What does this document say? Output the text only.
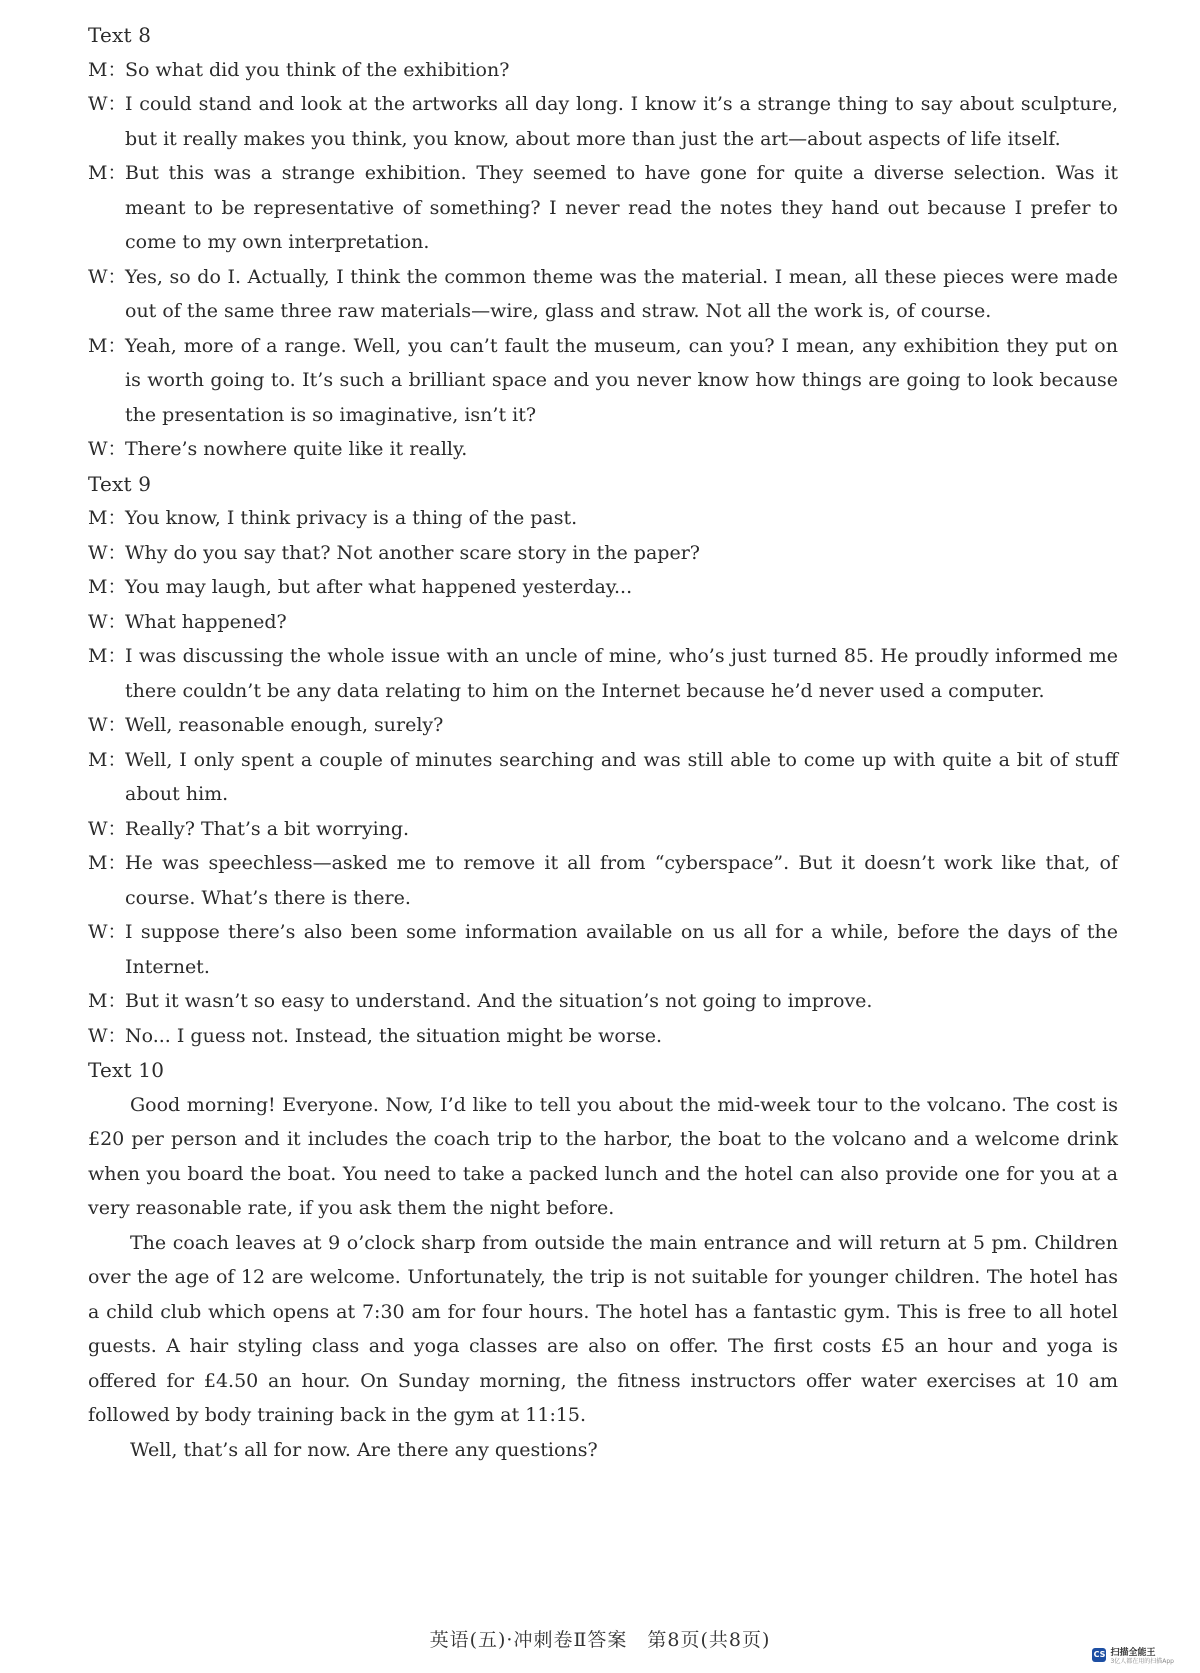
Text 8
M：So what did you think of the exhibition?
W：I could stand and look at the artworks all day long. I know it’s a strange thing to say about sculpture, but it really makes you think, you know, about more than just the art—about aspects of life itself.
M：But this was a strange exhibition. They seemed to have gone for quite a diverse selection. Was it meant to be representative of something? I never read the notes they hand out because I prefer to come to my own interpretation.
W：Yes, so do I. Actually, I think the common theme was the material. I mean, all these pieces were made out of the same three raw materials—wire, glass and straw. Not all the work is, of course.
M：Yeah, more of a range. Well, you can’t fault the museum, can you? I mean, any exhibition they put on is worth going to. It’s such a brilliant space and you never know how things are going to look because the presentation is so imaginative, isn’t it?
W：There’s nowhere quite like it really.
Text 9
M：You know, I think privacy is a thing of the past.
W：Why do you say that? Not another scare story in the paper?
M：You may laugh, but after what happened yesterday...
W：What happened?
M：I was discussing the whole issue with an uncle of mine, who’s just turned 85. He proudly informed me there couldn’t be any data relating to him on the Internet because he’d never used a computer.
W：Well, reasonable enough, surely?
M：Well, I only spent a couple of minutes searching and was still able to come up with quite a bit of stuff about him.
W：Really? That’s a bit worrying.
M：He was speechless—asked me to remove it all from “cyberspace”. But it doesn’t work like that, of course. What’s there is there.
W：I suppose there’s also been some information available on us all for a while, before the days of the Internet.
M：But it wasn’t so easy to understand. And the situation’s not going to improve.
W：No... I guess not. Instead, the situation might be worse.
Text 10
Good morning! Everyone. Now, I’d like to tell you about the mid-week tour to the volcano. The cost is £20 per person and it includes the coach trip to the harbor, the boat to the volcano and a welcome drink when you board the boat. You need to take a packed lunch and the hotel can also provide one for you at a very reasonable rate, if you ask them the night before.
The coach leaves at 9 o’clock sharp from outside the main entrance and will return at 5 pm. Children over the age of 12 are welcome. Unfortunately, the trip is not suitable for younger children. The hotel has a child club which opens at 7:30 am for four hours. The hotel has a fantastic gym. This is free to all hotel guests. A hair styling class and yoga classes are also on offer. The first costs £5 an hour and yoga is offered for £4.50 an hour. On Sunday morning, the fitness instructors offer water exercises at 10 am followed by body training back in the gym at 11:15.
Well, that’s all for now. Are there any questions?
英语(五)·冲刺卷Ⅱ答案　第8页(共8页)
CS 扫描全能王
3亿人都在用的扫描App
